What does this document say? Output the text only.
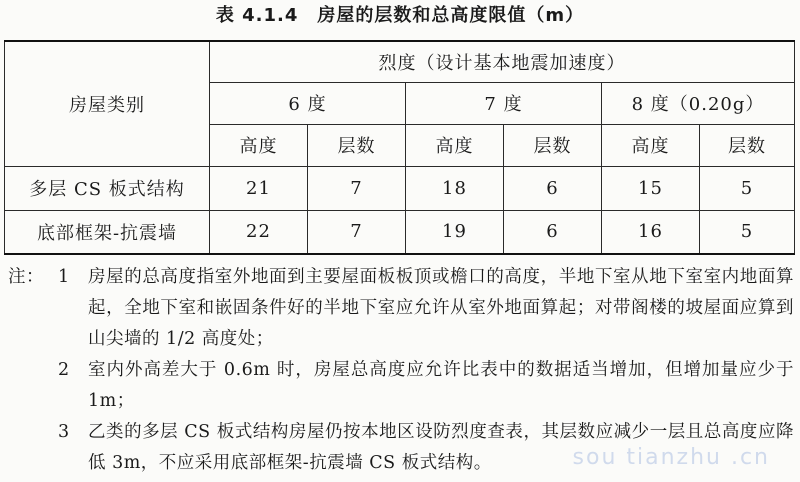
表 4.1.4　房屋的层数和总高度限值（m）
房屋类别	烈度（设计基本地震加速度）					
	6 度		7 度		8 度（0.20g）	
	高度	层数	高度	层数	高度	层数
多层 CS 板式结构	21	7	18	6	15	5
底部框架-抗震墙	22	7	19	6	16	5
注： 1	房屋的总高度指室外地面到主要屋面板板顶或檐口的高度，半地下室从地下室室内地面算起，全地下室和嵌固条件好的半地下室应允许从室外地面算起；对带阁楼的坡屋面应算到山尖墙的 1/2 高度处；
2	室内外高差大于 0.6m 时，房屋总高度应允许比表中的数据适当增加，但增加量应少于 1m；
3	乙类的多层 CS 板式结构房屋仍按本地区设防烈度查表，其层数应减少一层且总高度应降低 3m，不应采用底部框架-抗震墙 CS 板式结构。	sou tianzhu .cn
